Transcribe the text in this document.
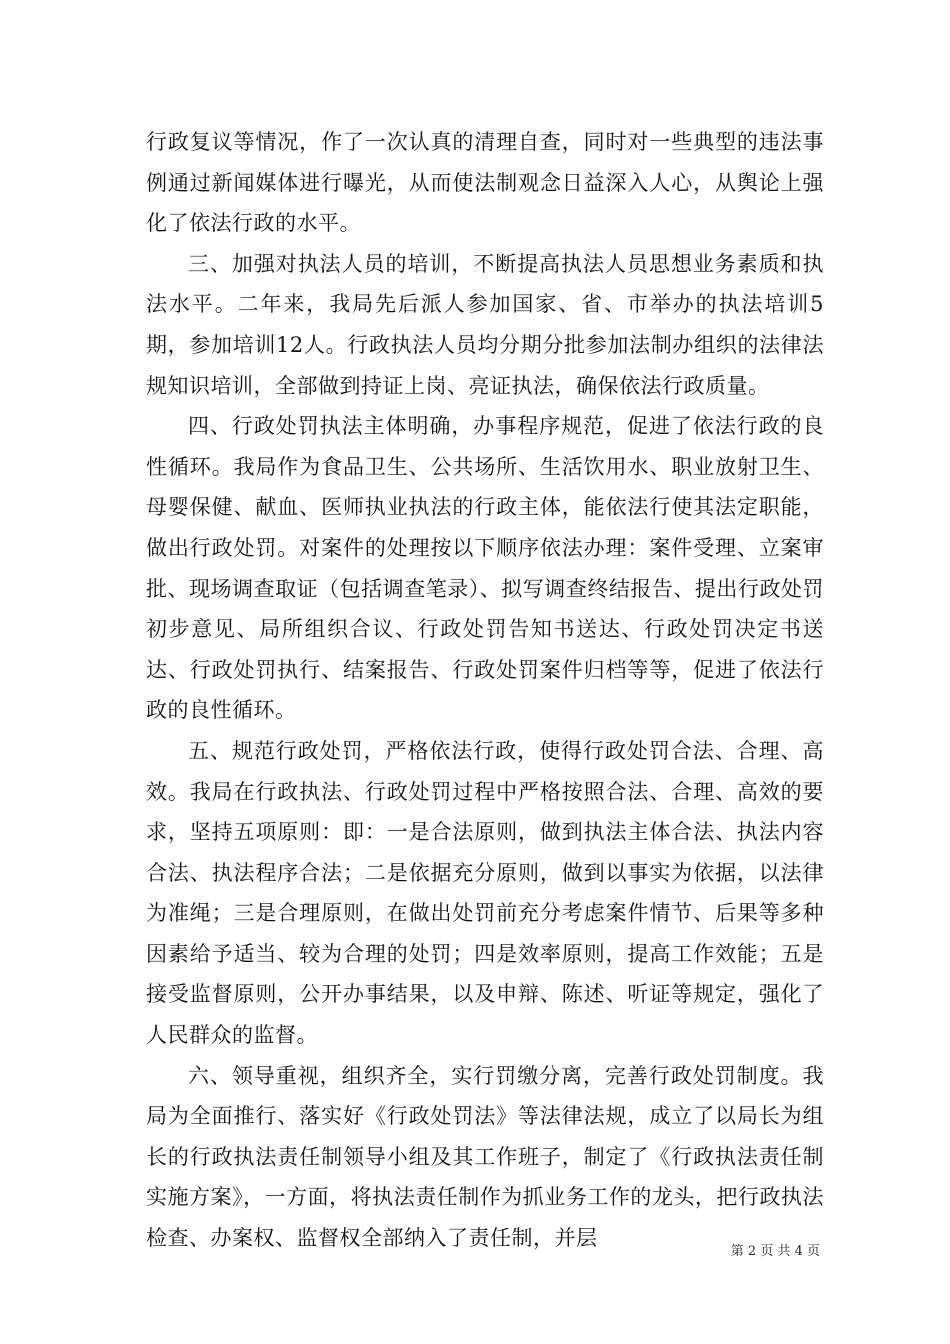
行政复议等情况，作了一次认真的清理自查，同时对一些典型的违法事例通过新闻媒体进行曝光，从而使法制观念日益深入人心，从舆论上强化了依法行政的水平。

三、加强对执法人员的培训，不断提高执法人员思想业务素质和执法水平。二年来，我局先后派人参加国家、省、市举办的执法培训5期，参加培训12人。行政执法人员均分期分批参加法制办组织的法律法规知识培训，全部做到持证上岗、亮证执法，确保依法行政质量。

四、行政处罚执法主体明确，办事程序规范，促进了依法行政的良性循环。我局作为食品卫生、公共场所、生活饮用水、职业放射卫生、母婴保健、献血、医师执业执法的行政主体，能依法行使其法定职能，做出行政处罚。对案件的处理按以下顺序依法办理：案件受理、立案审批、现场调查取证（包括调查笔录）、拟写调查终结报告、提出行政处罚初步意见、局所组织合议、行政处罚告知书送达、行政处罚决定书送达、行政处罚执行、结案报告、行政处罚案件归档等等，促进了依法行政的良性循环。

五、规范行政处罚，严格依法行政，使得行政处罚合法、合理、高效。我局在行政执法、行政处罚过程中严格按照合法、合理、高效的要求，坚持五项原则：即：一是合法原则，做到执法主体合法、执法内容合法、执法程序合法；二是依据充分原则，做到以事实为依据，以法律为准绳；三是合理原则，在做出处罚前充分考虑案件情节、后果等多种因素给予适当、较为合理的处罚；四是效率原则，提高工作效能；五是接受监督原则，公开办事结果，以及申辩、陈述、听证等规定，强化了人民群众的监督。

六、领导重视，组织齐全，实行罚缴分离，完善行政处罚制度。我局为全面推行、落实好《行政处罚法》等法律法规，成立了以局长为组长的行政执法责任制领导小组及其工作班子，制定了《行政执法责任制实施方案》，一方面，将执法责任制作为抓业务工作的龙头，把行政执法检查、办案权、监督权全部纳入了责任制，并层

第 2 页 共 4 页
